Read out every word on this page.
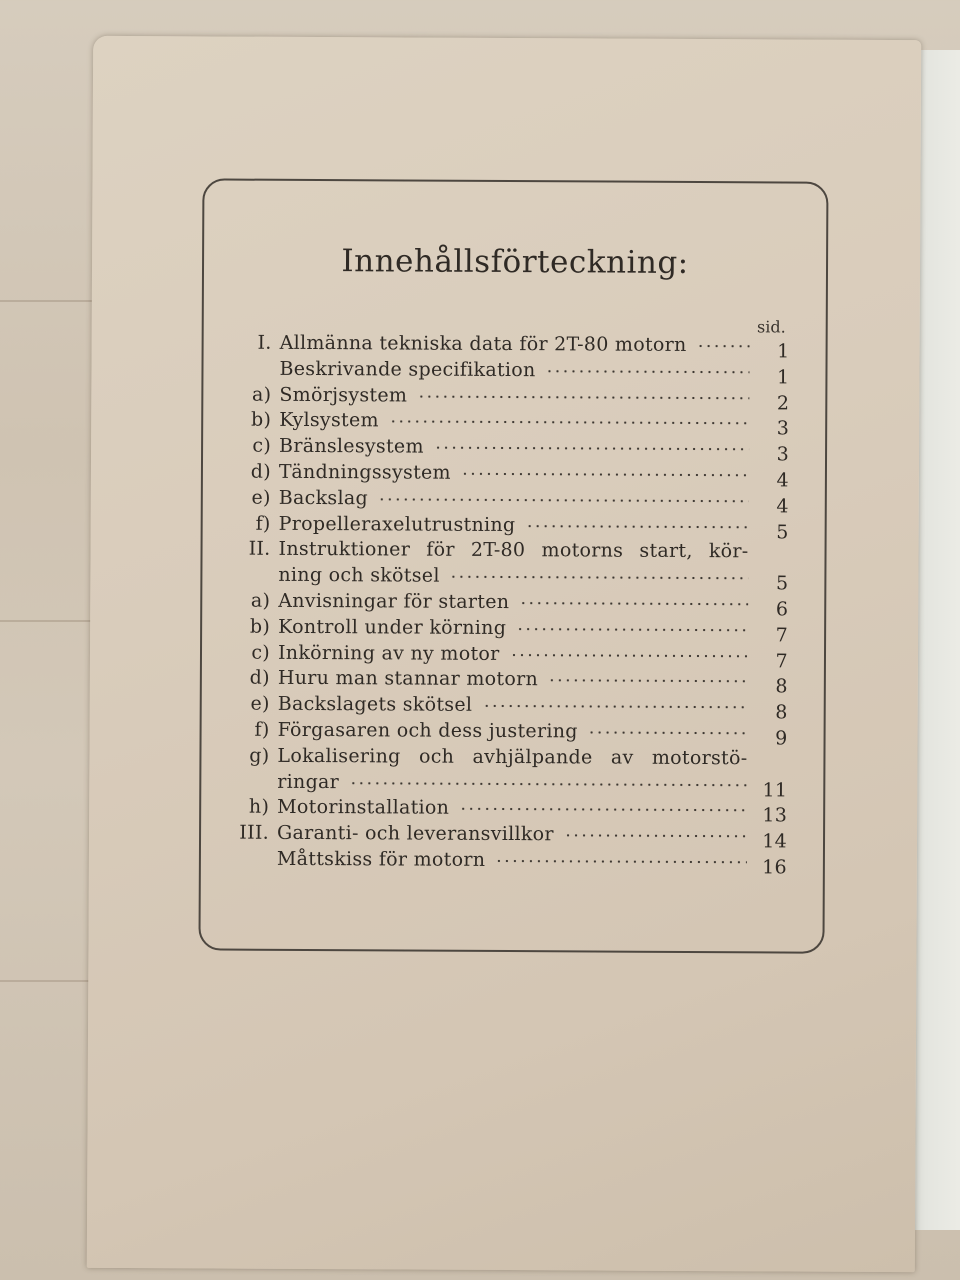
Innehållsförteckning:
sid.
I. Allmänna tekniska data för 2T-80 motorn	1
Beskrivande specifikation	1
a) Smörjsystem	2
b) Kylsystem	3
c) Bränslesystem	3
d) Tändningssystem	4
e) Backslag	4
f) Propelleraxelutrustning	5
II. Instruktioner för 2T-80 motorns start, kör-
ning och skötsel	5
a) Anvisningar för starten	6
b) Kontroll under körning	7
c) Inkörning av ny motor	7
d) Huru man stannar motorn	8
e) Backslagets skötsel	8
f) Förgasaren och dess justering	9
g) Lokalisering och avhjälpande av motorstö-
ringar	11
h) Motorinstallation	13
III. Garanti- och leveransvillkor	14
Måttskiss för motorn	16
